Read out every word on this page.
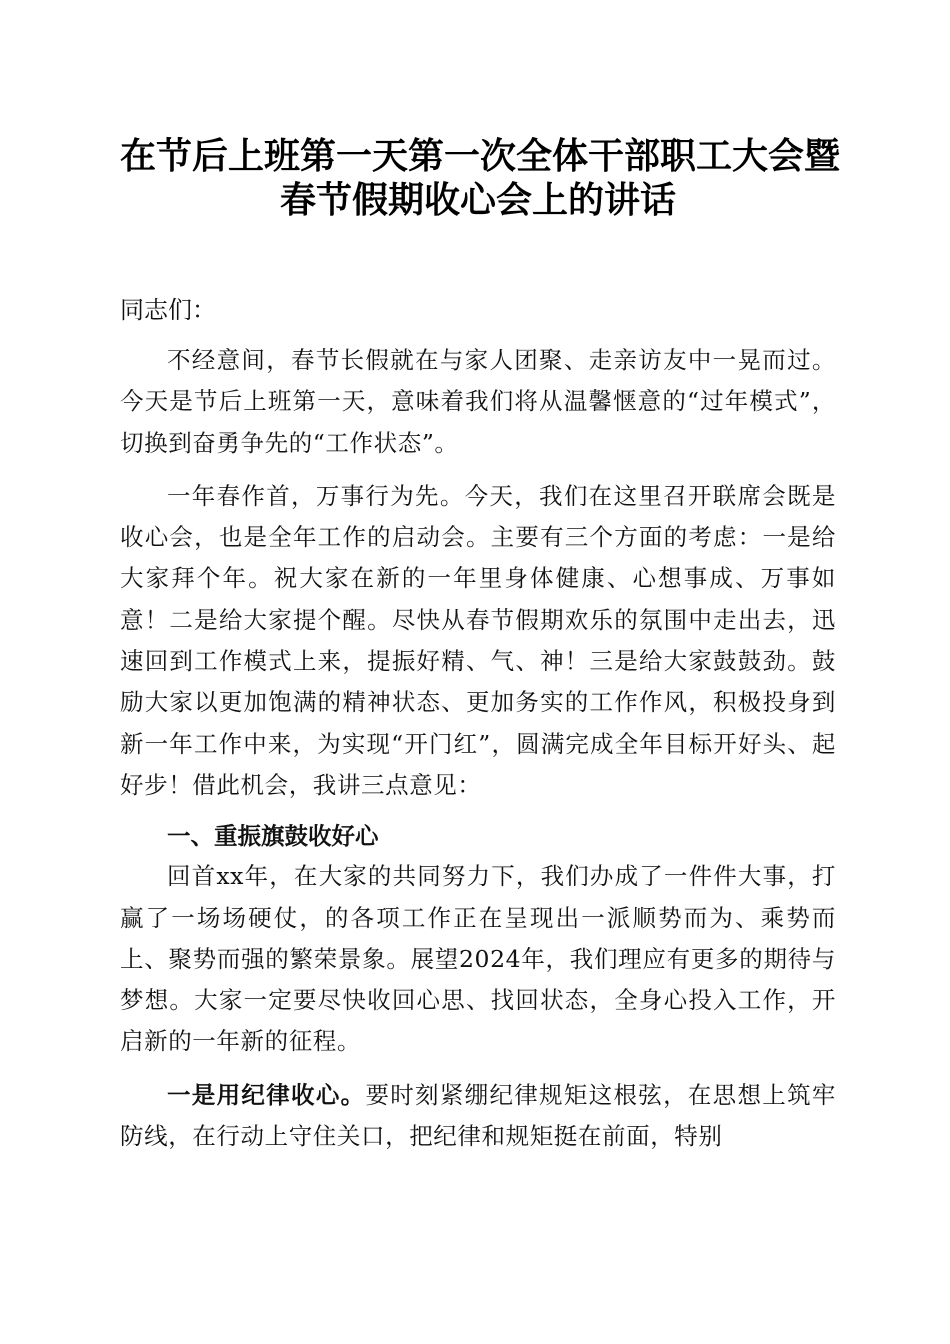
在节后上班第一天第一次全体干部职工大会暨
春节假期收心会上的讲话

同志们：

不经意间，春节长假就在与家人团聚、走亲访友中一晃而过。今天是节后上班第一天，意味着我们将从温馨惬意的“过年模式”，切换到奋勇争先的“工作状态”。

一年春作首，万事行为先。今天，我们在这里召开联席会既是收心会，也是全年工作的启动会。主要有三个方面的考虑：一是给大家拜个年。祝大家在新的一年里身体健康、心想事成、万事如意！二是给大家提个醒。尽快从春节假期欢乐的氛围中走出去，迅速回到工作模式上来，提振好精、气、神！三是给大家鼓鼓劲。鼓励大家以更加饱满的精神状态、更加务实的工作作风，积极投身到新一年工作中来，为实现“开门红”，圆满完成全年目标开好头、起好步！借此机会，我讲三点意见：

一、重振旗鼓收好心

回首xx年，在大家的共同努力下，我们办成了一件件大事，打赢了一场场硬仗，的各项工作正在呈现出一派顺势而为、乘势而上、聚势而强的繁荣景象。展望2024年，我们理应有更多的期待与梦想。大家一定要尽快收回心思、找回状态，全身心投入工作，开启新的一年新的征程。

一是用纪律收心。要时刻紧绷纪律规矩这根弦，在思想上筑牢防线，在行动上守住关口，把纪律和规矩挺在前面，特别
